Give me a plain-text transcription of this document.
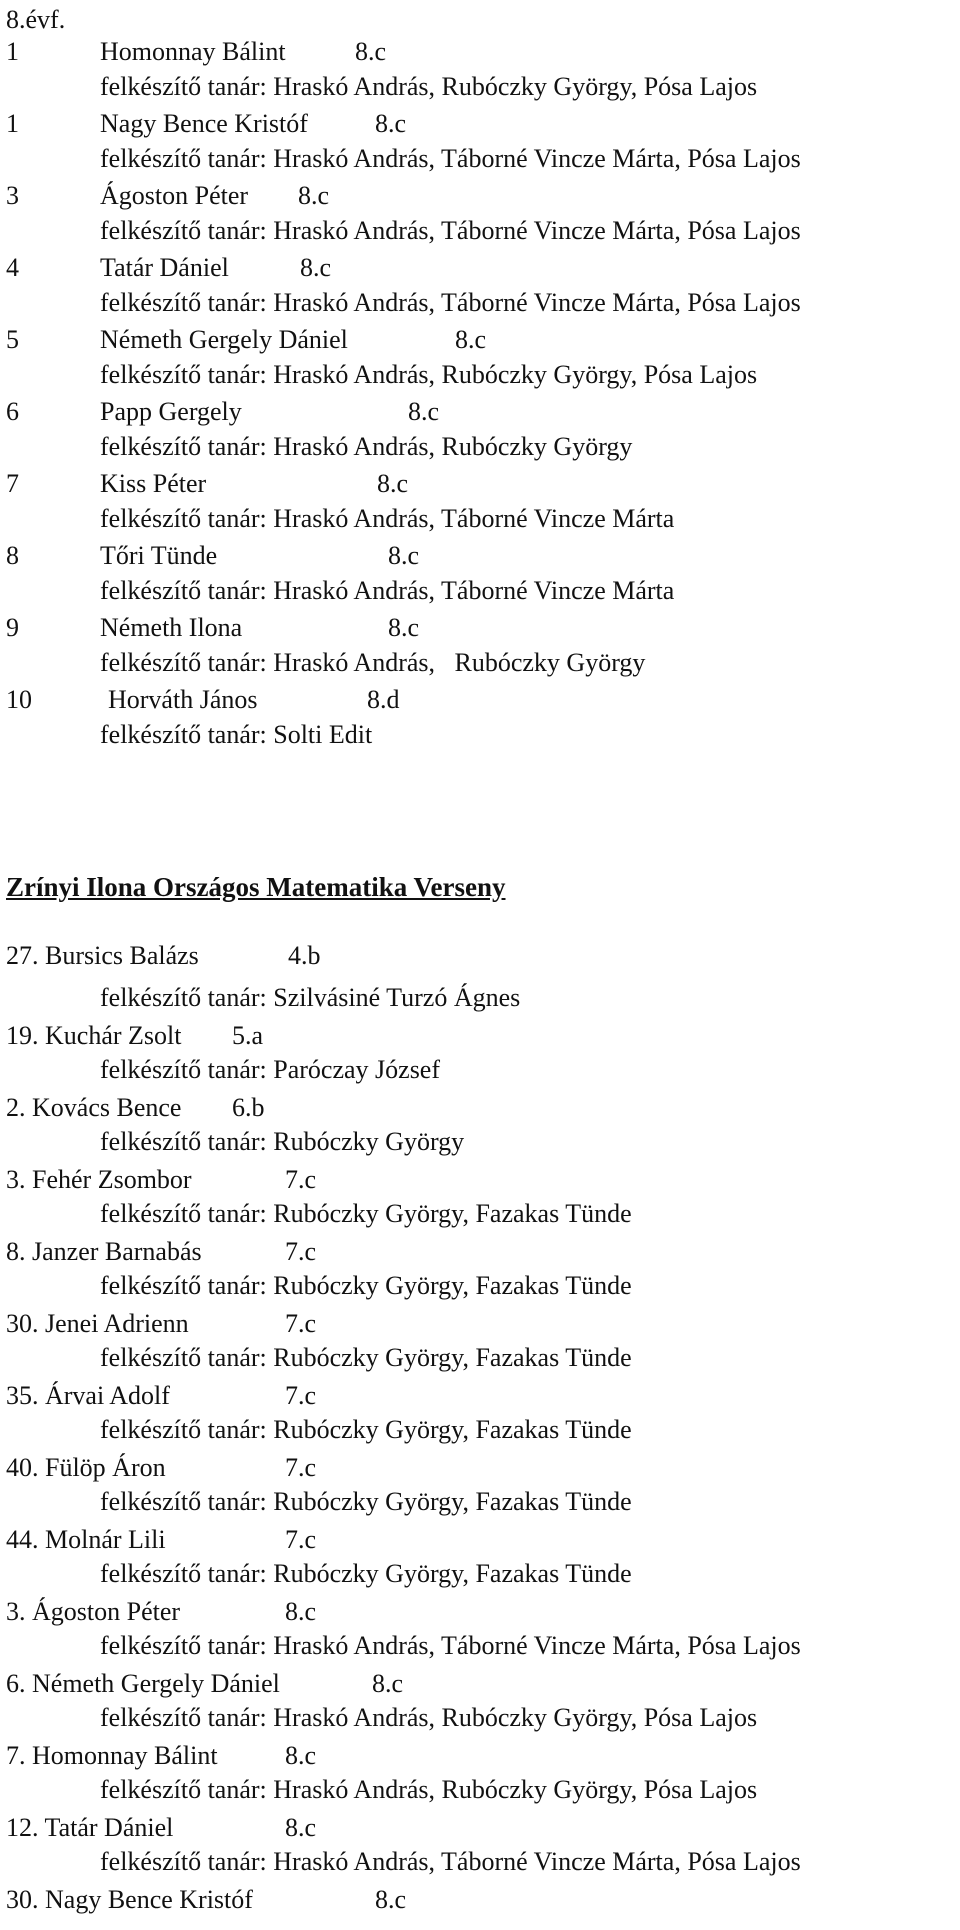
8.évf.
1	Homonnay Bálint	8.c
felkészítő tanár: Hraskó András, Rubóczky György, Pósa Lajos
1	Nagy Bence Kristóf	8.c
felkészítő tanár: Hraskó András, Táborné Vincze Márta, Pósa Lajos
3	Ágoston Péter 8.c
felkészítő tanár: Hraskó András, Táborné Vincze Márta, Pósa Lajos
4	Tatár Dániel	8.c
felkészítő tanár: Hraskó András, Táborné Vincze Márta, Pósa Lajos
5	Németh Gergely Dániel	8.c
felkészítő tanár: Hraskó András, Rubóczky György, Pósa Lajos
6	Papp Gergely	8.c
felkészítő tanár: Hraskó András, Rubóczky György
7	Kiss Péter	8.c
felkészítő tanár: Hraskó András, Táborné Vincze Márta
8	Tőri Tünde	8.c
felkészítő tanár: Hraskó András, Táborné Vincze Márta
9	Németh Ilona	8.c
felkészítő tanár: Hraskó András,   Rubóczky György
10	Horváth János	8.d
felkészítő tanár: Solti Edit
Zrínyi Ilona Országos Matematika Verseny
27. Bursics Balázs	4.b
felkészítő tanár: Szilvásiné Turzó Ágnes
19. Kuchár Zsolt 5.a
felkészítő tanár: Paróczay József
2. Kovács Bence 6.b
felkészítő tanár: Rubóczky György
3. Fehér Zsombor	7.c
felkészítő tanár: Rubóczky György, Fazakas Tünde
8. Janzer Barnabás	7.c
felkészítő tanár: Rubóczky György, Fazakas Tünde
30. Jenei Adrienn	7.c
felkészítő tanár: Rubóczky György, Fazakas Tünde
35. Árvai Adolf	7.c
felkészítő tanár: Rubóczky György, Fazakas Tünde
40. Fülöp Áron	7.c
felkészítő tanár: Rubóczky György, Fazakas Tünde
44. Molnár Lili	7.c
felkészítő tanár: Rubóczky György, Fazakas Tünde
3. Ágoston Péter	8.c
felkészítő tanár: Hraskó András, Táborné Vincze Márta, Pósa Lajos
6. Németh Gergely Dániel	8.c
felkészítő tanár: Hraskó András, Rubóczky György, Pósa Lajos
7. Homonnay Bálint	8.c
felkészítő tanár: Hraskó András, Rubóczky György, Pósa Lajos
12. Tatár Dániel	8.c
felkészítő tanár: Hraskó András, Táborné Vincze Márta, Pósa Lajos
30. Nagy Bence Kristóf	8.c
